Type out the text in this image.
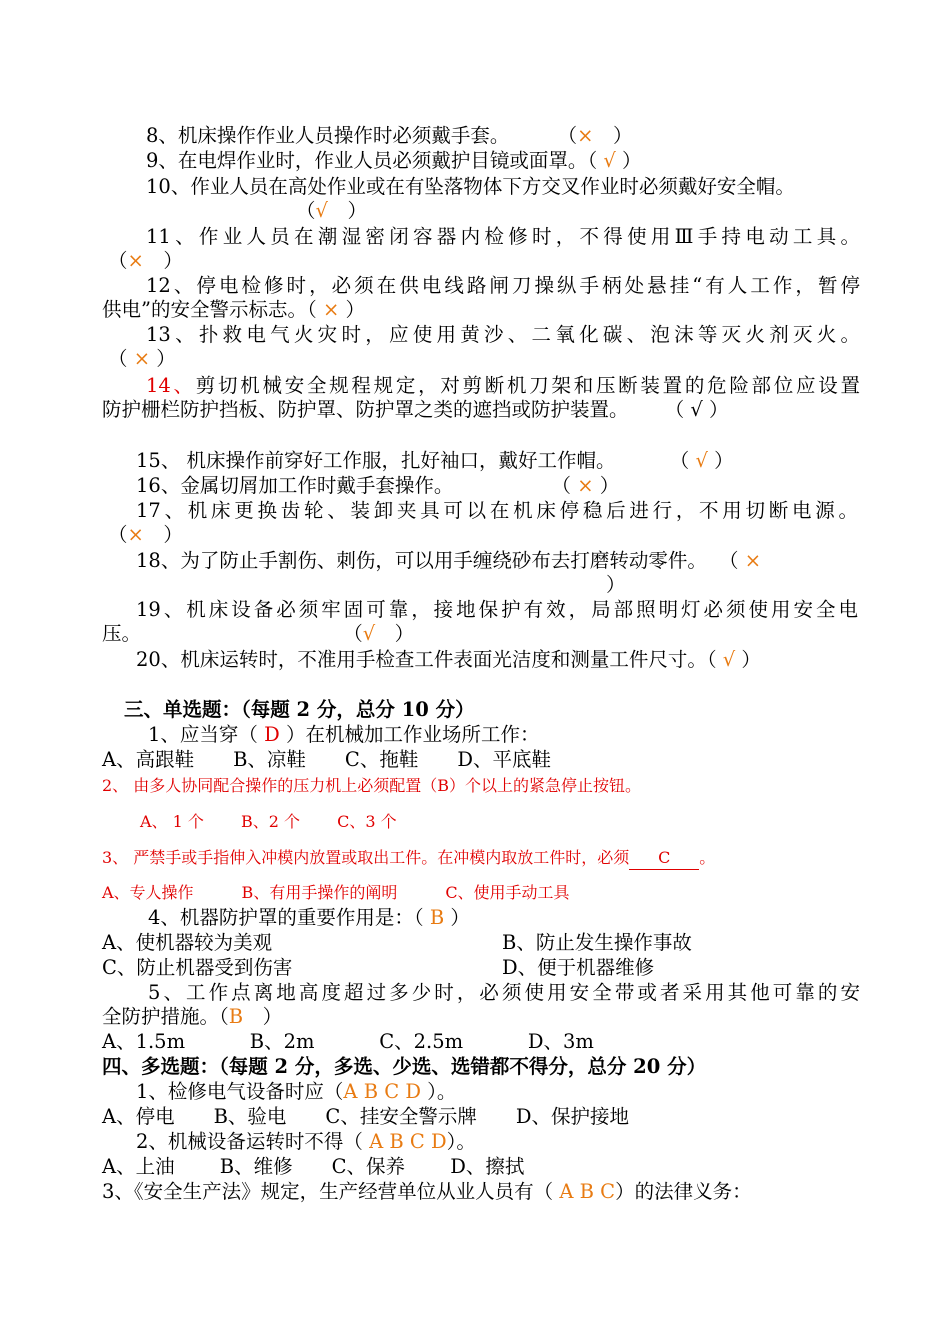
8、机床操作作业人员操作时必须戴手套。 （×　）
9、在电焊作业时，作业人员必须戴护目镜或面罩。（ √ ）
10、作业人员在高处作业或在有坠落物体下方交叉作业时必须戴好安全帽。
（√　）
11、作业人员在潮湿密闭容器内检修时，不得使用Ⅲ手持电动工具。
（×　）
12、停电检修时，必须在供电线路闸刀操纵手柄处悬挂“有人工作，暂停
供电”的安全警示标志。（ × ）
13、扑救电气火灾时，应使用黄沙、二氧化碳、泡沫等灭火剂灭火。
（ × ）
14、剪切机械安全规程规定，对剪断机刀架和压断装置的危险部位应设置
防护栅栏防护挡板、防护罩、防护罩之类的遮挡或防护装置。 （ √ ）
15、 机床操作前穿好工作服，扎好袖口，戴好工作帽。	（ √ ）
16、金属切屑加工作时戴手套操作。	（ × ）
17、机床更换齿轮、装卸夹具可以在机床停稳后进行，不用切断电源。
（×　）
18、为了防止手割伤、刺伤，可以用手缠绕砂布去打磨转动零件。 （ ×
）
19、机床设备必须牢固可靠，接地保护有效，局部照明灯必须使用安全电
压。	（√　）
20、机床运转时，不准用手检查工件表面光洁度和测量工件尺寸。（ √ ）
三、单选题：（每题 2 分，总分 10 分）
1、应当穿（ D ）在机械加工作业场所工作：
A、高跟鞋　　B、凉鞋　　C、拖鞋　　D、平底鞋
2、 由多人协同配合操作的压力机上必须配置（B）个以上的紧急停止按钮。
A、 1 个　　 B、2 个　　 C、3 个
3、 严禁手或手指伸入冲模内放置或取出工件。在冲模内取放工件时，必须 C 。
A、专人操作　　　B、有用手操作的阐明　　　C、使用手动工具
4、机器防护罩的重要作用是：（ B ）
A、使机器较为美观	B、防止发生操作事故
C、防止机器受到伤害	D、便于机器维修
5、工作点离地高度超过多少时，必须使用安全带或者采用其他可靠的安
全防护措施。（B　）
A、1.5m　　　 B、2m　　　 C、2.5m　　　 D、3m
四、多选题：（每题 2 分，多选、少选、选错都不得分，总分 20 分）
1、检修电气设备时应（A B C D ）。
A、停电　　B、验电　　C、挂安全警示牌　　D、保护接地
2、机械设备运转时不得（ A B C D）。
A、上油　　 B、维修　　C、保养　　 D、擦拭
3、《安全生产法》规定，生产经营单位从业人员有（ A B C）的法律义务：
